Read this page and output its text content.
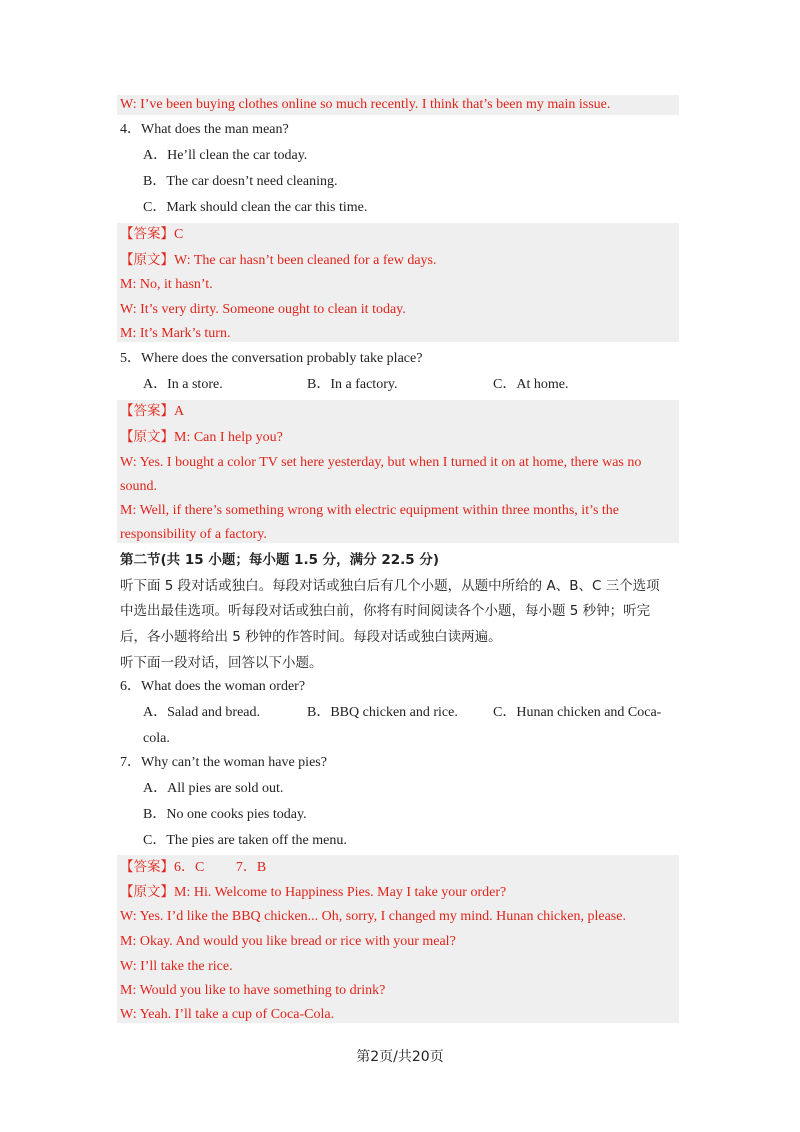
W: I’ve been buying clothes online so much recently. I think that’s been my main issue.
4．What does the man mean?
A．He’ll clean the car today.
B．The car doesn’t need cleaning.
C．Mark should clean the car this time.
【答案】C
【原文】W: The car hasn’t been cleaned for a few days.
M: No, it hasn’t.
W: It’s very dirty. Someone ought to clean it today.
M: It’s Mark’s turn.
5．Where does the conversation probably take place?
A．In a store.	B．In a factory.	C．At home.
【答案】A
【原文】M: Can I help you?
W: Yes. I bought a color TV set here yesterday, but when I turned it on at home, there was no
sound.
M: Well, if there’s something wrong with electric equipment within three months, it’s the
responsibility of a factory.
第二节(共 15 小题；每小题 1.5 分，满分 22.5 分)
听下面 5 段对话或独白。每段对话或独白后有几个小题，从题中所给的 A、B、C 三个选项
中选出最佳选项。听每段对话或独白前，你将有时间阅读各个小题，每小题 5 秒钟；听完
后，各小题将给出 5 秒钟的作答时间。每段对话或独白读两遍。
听下面一段对话，回答以下小题。
6．What does the woman order?
A．Salad and bread.	B．BBQ chicken and rice.	C．Hunan chicken and Coca-
cola.
7．Why can’t the woman have pies?
A．All pies are sold out.
B．No one cooks pies today.
C．The pies are taken off the menu.
【答案】6．C　　 7．B
【原文】M: Hi. Welcome to Happiness Pies. May I take your order?
W: Yes. I’d like the BBQ chicken... Oh, sorry, I changed my mind. Hunan chicken, please.
M: Okay. And would you like bread or rice with your meal?
W: I’ll take the rice.
M: Would you like to have something to drink?
W: Yeah. I’ll take a cup of Coca-Cola.
第2页/共20页
